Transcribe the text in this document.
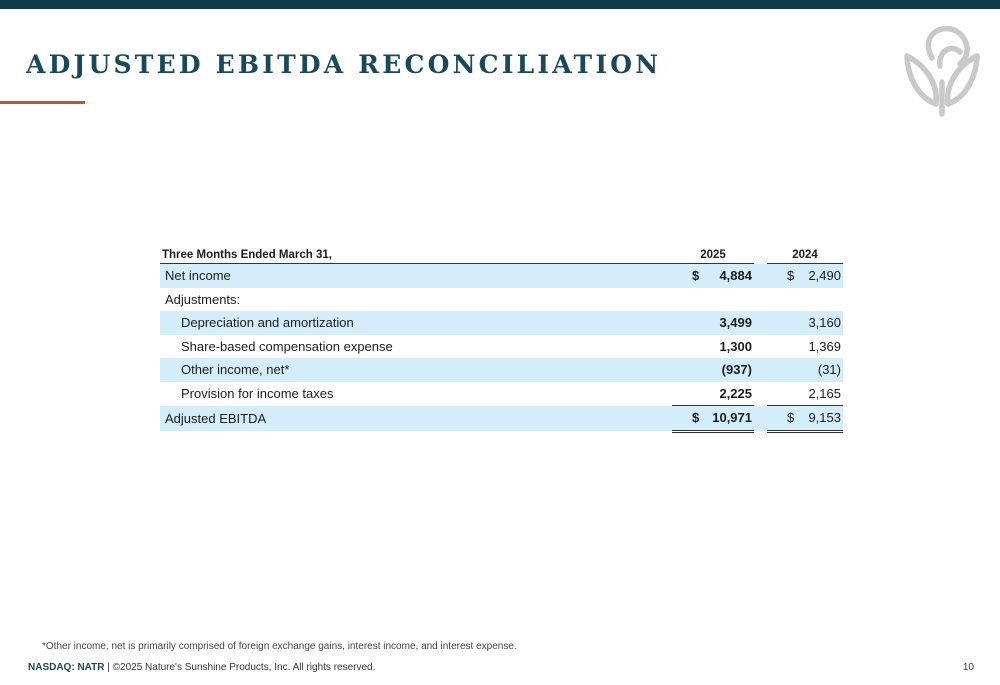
ADJUSTED EBITDA RECONCILIATION
Three Months Ended March 31,	2025			2024	
Net income	$	4,884		$	2,490
Adjustments:					
Depreciation and amortization		3,499			3,160
Share-based compensation expense		1,300			1,369
Other income, net*		(937)			(31)
Provision for income taxes		2,225			2,165
Adjusted EBITDA	$	10,971		$	9,153
*Other income, net is primarily comprised of foreign exchange gains, interest income, and interest expense.
NASDAQ: NATR | ©2025 Nature's Sunshine Products, Inc. All rights reserved.	10
